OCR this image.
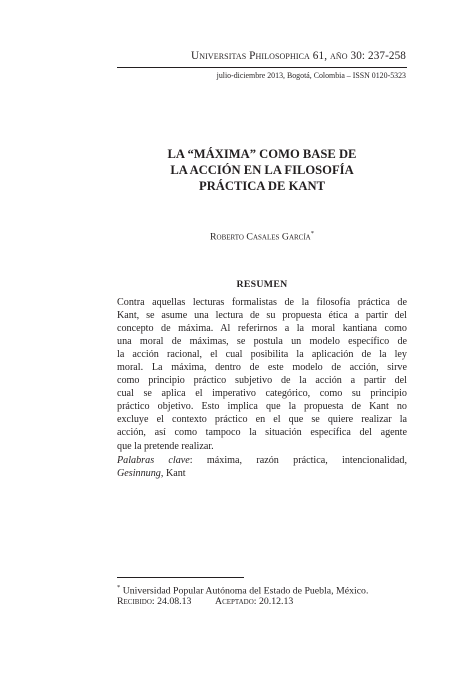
Universitas Philosophica 61, año 30: 237-258
julio-diciembre 2013, Bogotá, Colombia – ISSN 0120-5323
LA “MÁXIMA” COMO BASE DE
LA ACCIÓN EN LA FILOSOFÍA
PRÁCTICA DE KANT
Roberto Casales García*
RESUMEN
Contra aquellas lecturas formalistas de la filosofía práctica de
Kant, se asume una lectura de su propuesta ética a partir del
concepto de máxima. Al referirnos a la moral kantiana como
una moral de máximas, se postula un modelo específico de
la acción racional, el cual posibilita la aplicación de la ley
moral. La máxima, dentro de este modelo de acción, sirve
como principio práctico subjetivo de la acción a partir del
cual se aplica el imperativo categórico, como su principio
práctico objetivo. Esto implica que la propuesta de Kant no
excluye el contexto práctico en el que se quiere realizar la
acción, así como tampoco la situación específica del agente
que la pretende realizar.
Palabras clave: máxima, razón práctica, intencionalidad,
Gesinnung, Kant
* Universidad Popular Autónoma del Estado de Puebla, México.
Recibido: 24.08.13 Aceptado: 20.12.13
